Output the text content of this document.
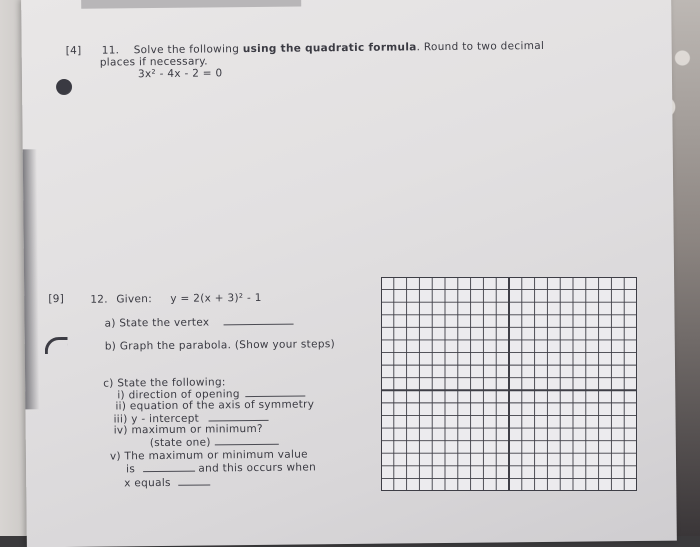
[4] 11. Solve the following using the quadratic formula. Round to two decimal
places if necessary.
3x² - 4x - 2 = 0
[9] 12. Given: y = 2(x + 3)² - 1
a) State the vertex
b) Graph the parabola. (Show your steps)
c) State the following:
i) direction of opening
ii) equation of the axis of symmetry
iii) y - intercept
iv) maximum or minimum?
(state one)
v) The maximum or minimum value
is	and this occurs when
x equals
